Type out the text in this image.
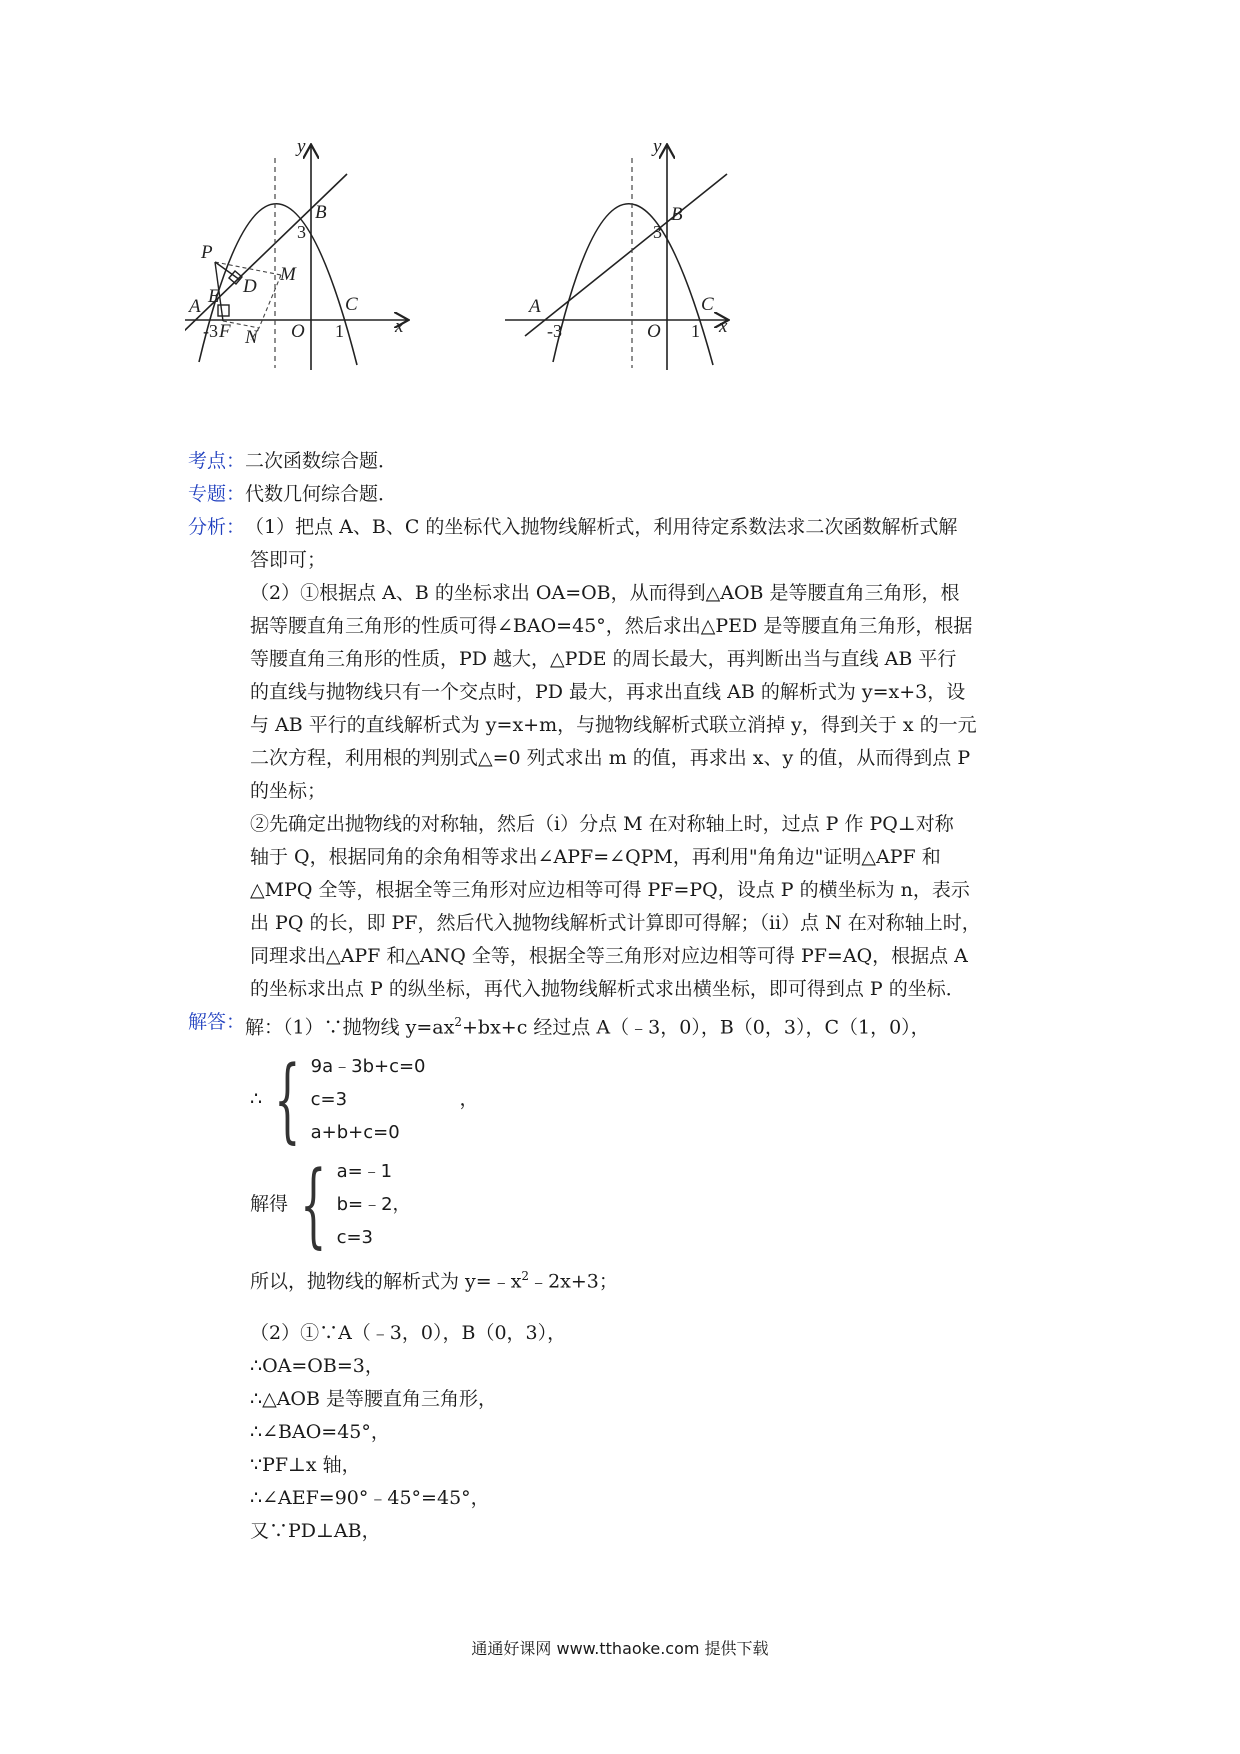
y
x
O
3
-3	1
A
B
C
P
D
M
N
E
F
y
x
O
3
-3	1
A
B
C
考点： 二次函数综合题．
专题： 代数几何综合题．
分析： （1）把点 A、B、C 的坐标代入抛物线解析式，利用待定系数法求二次函数解析式解
答即可；
（2）①根据点 A、B 的坐标求出 OA=OB，从而得到△AOB 是等腰直角三角形，根
据等腰直角三角形的性质可得∠BAO=45°，然后求出△PED 是等腰直角三角形，根据
等腰直角三角形的性质，PD 越大，△PDE 的周长最大，再判断出当与直线 AB 平行
的直线与抛物线只有一个交点时，PD 最大，再求出直线 AB 的解析式为 y=x+3，设
与 AB 平行的直线解析式为 y=x+m，与抛物线解析式联立消掉 y，得到关于 x 的一元
二次方程，利用根的判别式△=0 列式求出 m 的值，再求出 x、y 的值，从而得到点 P
的坐标；
②先确定出抛物线的对称轴，然后（i）分点 M 在对称轴上时，过点 P 作 PQ⊥对称
轴于 Q，根据同角的余角相等求出∠APF=∠QPM，再利用"角角边"证明△APF 和
△MPQ 全等，根据全等三角形对应边相等可得 PF=PQ，设点 P 的横坐标为 n，表示
出 PQ 的长，即 PF，然后代入抛物线解析式计算即可得解；（ii）点 N 在对称轴上时，
同理求出△APF 和△ANQ 全等，根据全等三角形对应边相等可得 PF=AQ，根据点 A
的坐标求出点 P 的纵坐标，再代入抛物线解析式求出横坐标，即可得到点 P 的坐标．
解答： 解：（1）∵抛物线 $y=ax^2+bx+c$ 经过点 A（﹣3，0），B（0，3），C（1，0），
∴ { 9a﹣3b+c=0
c=3
a+b+c=0
，
解得 { a=﹣1
b=﹣2，
c=3
所以，抛物线的解析式为 $y=﹣x^2﹣2x+3$；
（2）①∵A（﹣3，0），B（0，3），
∴OA=OB=3，
∴△AOB 是等腰直角三角形，
∴∠BAO=45°，
∵PF⊥x 轴，
∴∠AEF=90°﹣45°=45°，
又∵PD⊥AB，
通通好课网 www.tthaoke.com 提供下载
